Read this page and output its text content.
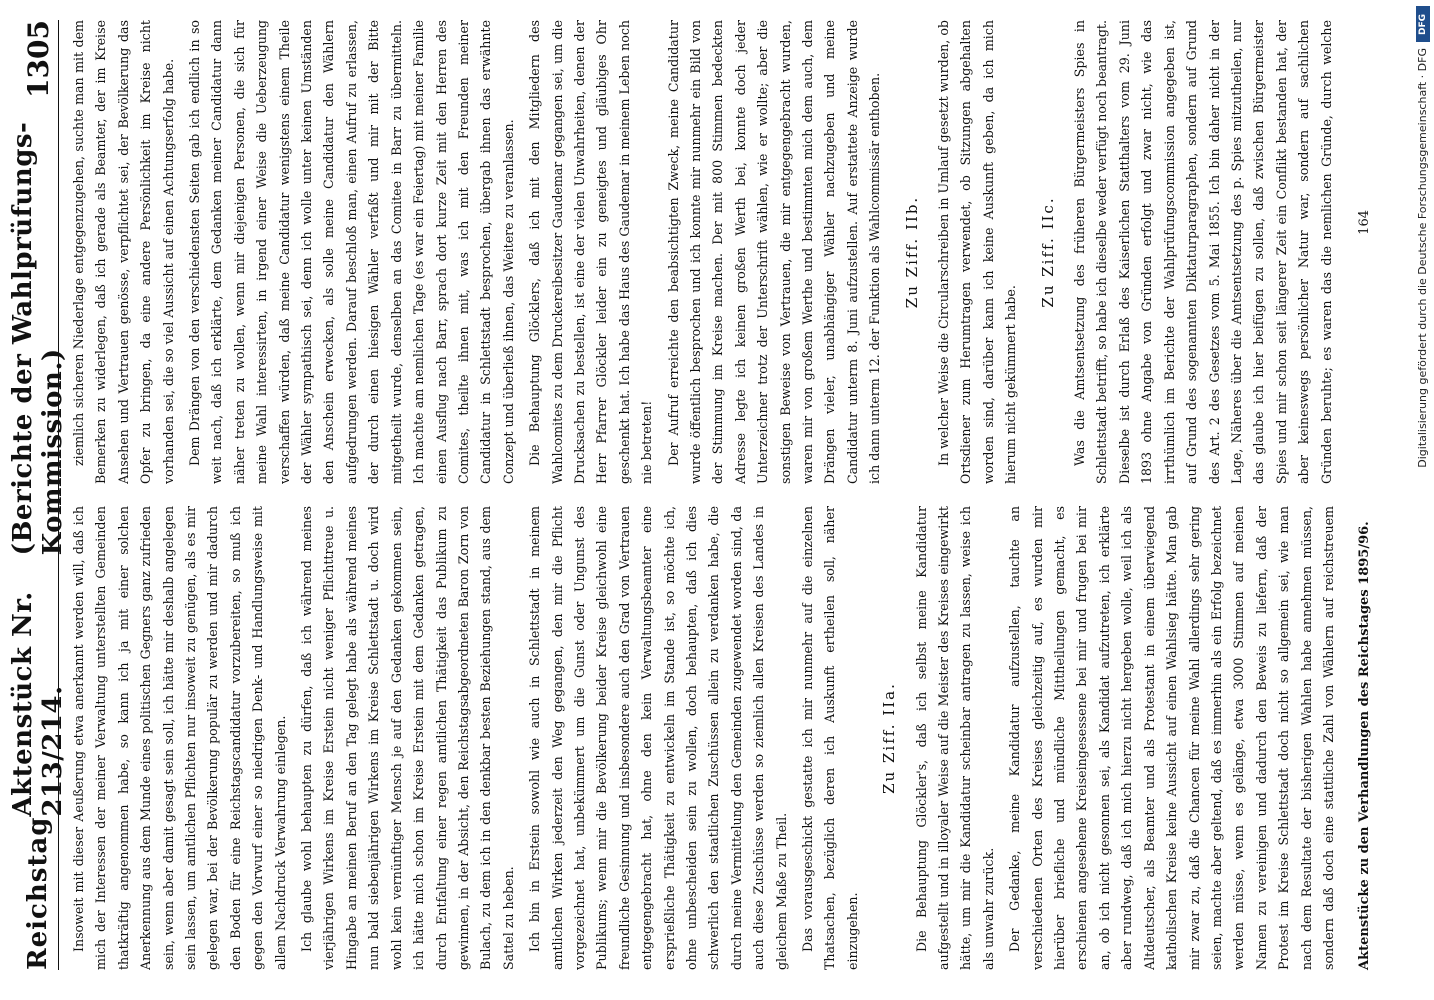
Reichstag
Aktenstück Nr. 213/214.
(Berichte der Wahlprüfungs-Kommission.)
1305

Insoweit mit dieser Aeußerung etwa anerkannt werden will, daß ich mich der Interessen der meiner Verwaltung unterstellten Gemeinden thatkräftig angenommen habe, so kann ich ja mit einer solchen Anerkennung aus dem Munde eines politischen Gegners ganz zufrieden sein, wenn aber damit gesagt sein soll, ich hätte mir deshalb angelegen sein lassen, um amtlichen Pflichten nur insoweit zu genügen, als es mir gelegen war, bei der Bevölkerung populär zu werden und mir dadurch den Boden für eine Reichstagscandidatur vorzubereiten, so muß ich gegen den Vorwurf einer so niedrigen Denk- und Handlungsweise mit allem Nachdruck Verwahrung einlegen. Ich glaube wohl behaupten zu dürfen, daß ich während meines vierjährigen Wirkens im Kreise Erstein nicht weniger Pflichttreue u. Hingabe an meinen Beruf an den Tag gelegt habe als während meines nun bald siebenjährigen Wirkens im Kreise Schlettstadt u. doch wird wohl kein vernünftiger Mensch je auf den Gedanken gekommen sein, ich hätte mich schon im Kreise Erstein mit dem Gedanken getragen, durch Entfaltung einer regen amtlichen Thätigkeit das Publikum zu gewinnen, in der Absicht, den Reichstagsabgeordneten Baron Zorn von Bulach, zu dem ich in den denkbar besten Beziehungen stand, aus dem Sattel zu heben. Ich bin in Erstein sowohl wie auch in Schlettstadt in meinem amtlichen Wirken jederzeit den Weg gegangen, den mir die Pflicht vorgezeichnet hat, unbekümmert um die Gunst oder Ungunst des Publikums; wenn mir die Bevölkerung beider Kreise gleichwohl eine freundliche Gesinnung und insbesondere auch den Grad von Vertrauen entgegengebracht hat, ohne den kein Verwaltungsbeamter eine ersprießliche Thätigkeit zu entwickeln im Stande ist, so möchte ich, ohne unbescheiden sein zu wollen, doch behaupten, daß ich dies schwerlich den staatlichen Zuschüssen allein zu verdanken habe, die durch meine Vermittelung den Gemeinden zugewendet worden sind, da auch diese Zuschüsse werden so ziemlich allen Kreisen des Landes in gleichem Maße zu Theil. Das vorausgeschickt gestatte ich mir nunmehr auf die einzelnen Thatsachen, bezüglich deren ich Auskunft ertheilen soll, näher einzugehen.

Zu Ziff. IIa. Die Behauptung Glöckler's, daß ich selbst meine Kandidatur aufgestellt und in illoyaler Weise auf die Meister des Kreises eingewirkt hätte, um mir die Kandidatur scheinbar antragen zu lassen, weise ich als unwahr zurück. Der Gedanke, meine Kandidatur aufzustellen, tauchte an verschiedenen Orten des Kreises gleichzeitig auf, es wurden mir hierüber briefliche und mündliche Mittheilungen gemacht, es erschienen angesehene Kreiseingesessene bei mir und frugen bei mir an, ob ich nicht gesonnen sei, als Kandidat aufzutreten, ich erklärte aber rundweg, daß ich mich hierzu nicht hergeben wolle, weil ich als Altdeutscher, als Beamter und als Protestant in einem überwiegend katholischen Kreise keine Aussicht auf einen Wahlsieg hätte. Man gab mir zwar zu, daß die Chancen für meine Wahl allerdings sehr gering seien, machte aber geltend, daß es immerhin als ein Erfolg bezeichnet werden müsse, wenn es gelänge, etwa 3000 Stimmen auf meinen Namen zu vereinigen und dadurch den Beweis zu liefern, daß der Protest im Kreise Schlettstadt doch nicht so allgemein sei, wie man nach dem Resultate der bisherigen Wahlen habe annehmen müssen, sondern daß doch eine stattliche Zahl von Wählern auf reichstreuem

ziemlich sicheren Niederlage entgegenzugehen, suchte man mit dem Bemerken zu widerlegen, daß ich gerade als Beamter, der im Kreise Ansehen und Vertrauen genösse, verpflichtet sei, der Bevölkerung das Opfer zu bringen, da eine andere Persönlichkeit im Kreise nicht vorhanden sei, die so viel Aussicht auf einen Achtungserfolg habe. Dem Drängen von den verschiedensten Seiten gab ich endlich in so weit nach, daß ich erklärte, dem Gedanken meiner Candidatur dann näher treten zu wollen, wenn mir diejenigen Personen, die sich für meine Wahl interessirten, in irgend einer Weise die Ueberzeugung verschaffen würden, daß meine Candidatur wenigstens einem Theile der Wähler sympathisch sei, denn ich wolle unter keinen Umständen den Anschein erwecken, als solle meine Candidatur den Wählern aufgedrungen werden. Darauf beschloß man, einen Aufruf zu erlassen, der durch einen hiesigen Wähler verfaßt und mir mit der Bitte mitgetheilt wurde, denselben an das Comitee in Barr zu übermitteln. Ich machte am nemlichen Tage (es war ein Feiertag) mit meiner Familie einen Ausflug nach Barr, sprach dort kurze Zeit mit den Herren des Comites, theilte ihnen mit, was ich mit den Freunden meiner Candidatur in Schlettstadt besprochen, übergab ihnen das erwähnte Conzept und überließ ihnen, das Weitere zu veranlassen. Die Behauptung Glöcklers, daß ich mit den Mitgliedern des Wahlcomites zu dem Druckereibesitzer Gaudemar gegangen sei, um die Drucksachen zu bestellen, ist eine der vielen Unwahrheiten, denen der Herr Pfarrer Glöckler leider ein zu geneigtes und gläubiges Ohr geschenkt hat. Ich habe das Haus des Gaudemar in meinem Leben noch nie betreten! Der Aufruf erreichte den beabsichtigten Zweck, meine Candidatur wurde öffentlich besprochen und ich konnte mir nunmehr ein Bild von der Stimmung im Kreise machen. Der mit 800 Stimmen bedeckten Adresse legte ich keinen großen Werth bei, konnte doch jeder Unterzeichner trotz der Unterschrift wählen, wie er wollte; aber die sonstigen Beweise von Vertrauen, die mir entgegengebracht wurden, waren mir von großem Werthe und bestimmten mich dem auch, dem Drängen vieler, unabhängiger Wähler nachzugeben und meine Candidatur unterm 8. Juni aufzustellen. Auf erstattete Anzeige wurde ich dann unterm 12. der Funktion als Wahlcommissär enthoben. Zu Ziff. IIb. In welcher Weise die Circularschreiben in Umlauf gesetzt wurden, ob Ortsdiener zum Herumtragen verwendet, ob Sitzungen abgehalten worden sind, darüber kann ich keine Auskunft geben, da ich mich hierum nicht gekümmert habe.

Zu Ziff. IIc.

Was die Amtsentsetzung des früheren Bürgermeisters Spies in Schlettstadt betrifft, so habe ich dieselbe weder verfügt noch beantragt. Dieselbe ist durch Erlaß des Kaiserlichen Statthalters vom 29. Juni 1893 ohne Angabe von Gründen erfolgt und zwar nicht, wie das irrthümlich im Berichte der Wahlprüfungscommission angegeben ist, auf Grund des sogenannten Diktaturparagraphen, sondern auf Grund des Art. 2 des Gesetzes vom 5. Mai 1855. Ich bin daher nicht in der Lage, Näheres über die Amtsentsetzung des p. Spies mitzutheilen, nur das glaube ich hier beifügen zu sollen, daß zwischen Bürgermeister Spies und mir schon seit längerer Zeit ein Conflikt bestanden hat, der aber keineswegs persönlicher Natur war, sondern auf sachlichen Gründen beruhte; es waren das die nemlichen Gründe, durch welche

Aktenstücke zu den Verhandlungen des Reichstages 1895/96.
164
DFG
Digitalisierung gefördert durch die Deutsche Forschungsgemeinschaft · DFG
